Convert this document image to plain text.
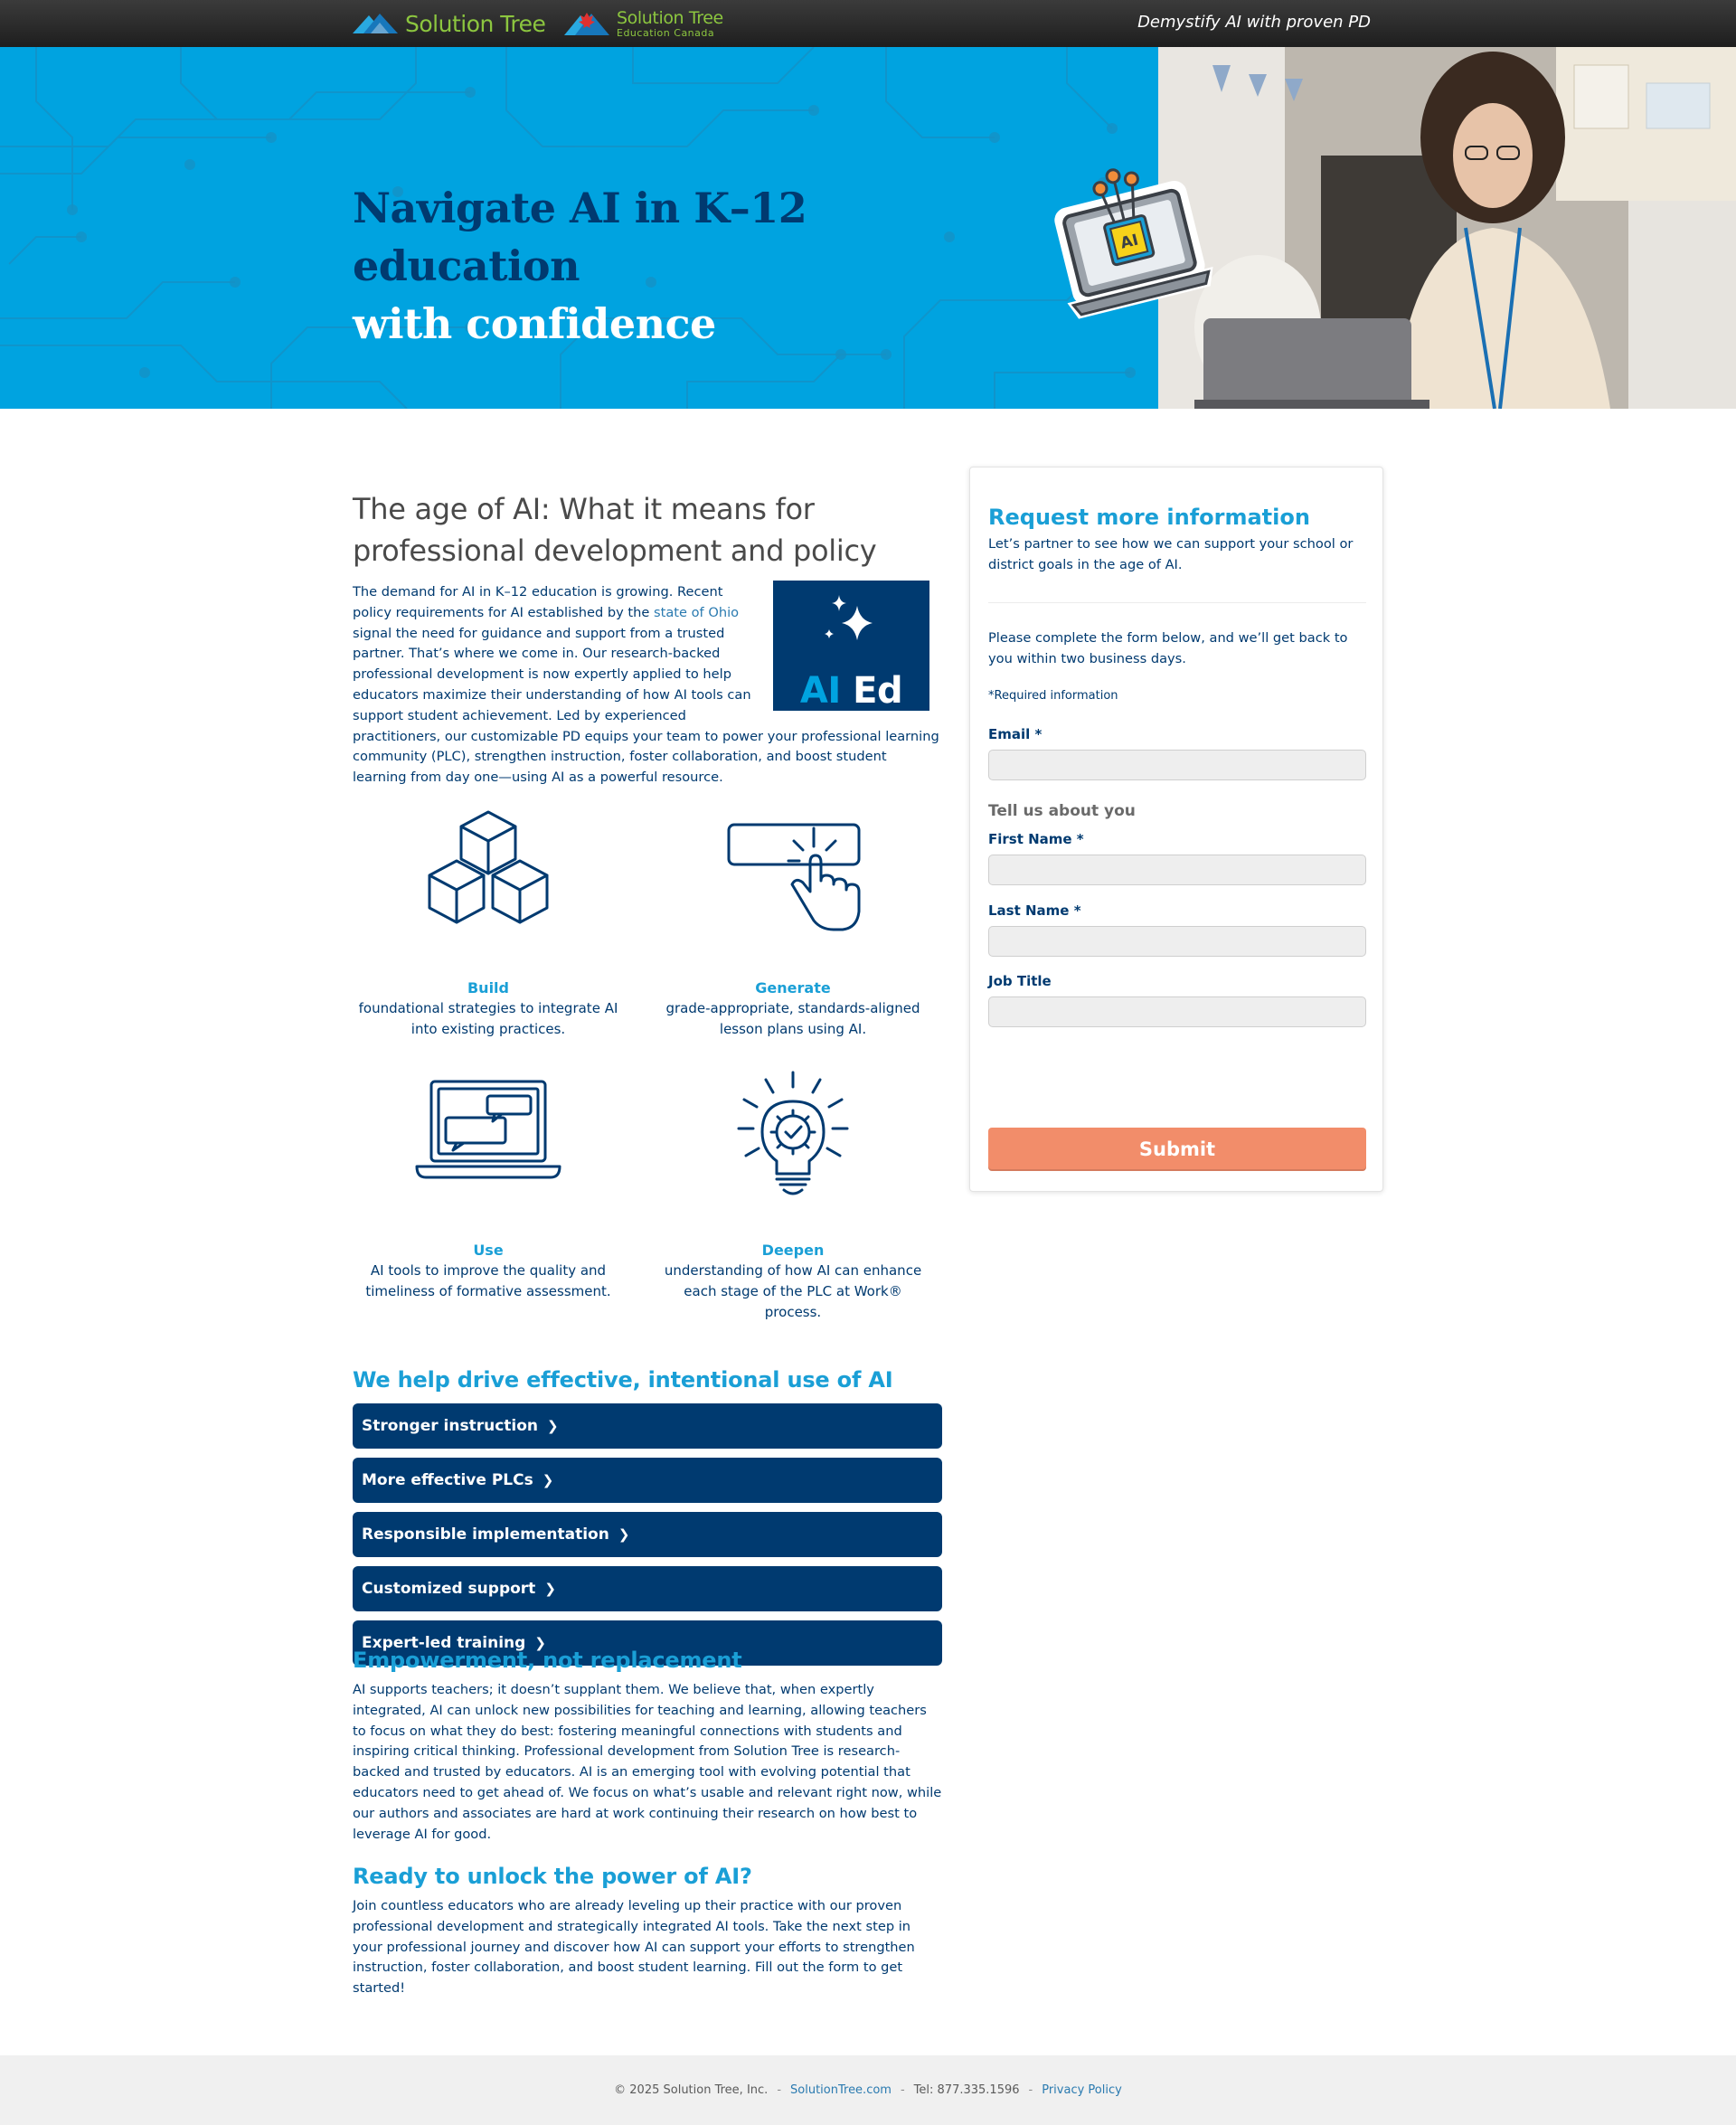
Solution Tree	Solution Tree
Education Canada
Demystify AI with proven PD
Navigate AI in K–12 education
with confidence
AI
The age of AI: What it means for professional development and policy
AI Ed
The demand for AI in K–12 education is growing. Recent policy requirements for AI established by the state of Ohio signal the need for guidance and support from a trusted partner. That’s where we come in. Our research-backed professional development is now expertly applied to help educators maximize their understanding of how AI tools can support student achievement. Led by experienced practitioners, our customizable PD equips your team to power your professional learning community (PLC), strengthen instruction, foster collaboration, and boost student learning from day one—using AI as a powerful resource.
Build
foundational strategies to integrate AI into existing practices.
Generate
grade-appropriate, standards-aligned lesson plans using AI.
Use
AI tools to improve the quality and timeliness of formative assessment.
Deepen
understanding of how AI can enhance each stage of the PLC at Work® process.
We help drive effective, intentional use of AI
Stronger instruction ❯
More effective PLCs ❯
Responsible implementation ❯
Customized support ❯
Expert-led training ❯
Empowerment, not replacement
AI supports teachers; it doesn’t supplant them. We believe that, when expertly integrated, AI can unlock new possibilities for teaching and learning, allowing teachers to focus on what they do best: fostering meaningful connections with students and inspiring critical thinking. Professional development from Solution Tree is research-backed and trusted by educators. AI is an emerging tool with evolving potential that educators need to get ahead of. We focus on what’s usable and relevant right now, while our authors and associates are hard at work continuing their research on how best to leverage AI for good.
Ready to unlock the power of AI?
Join countless educators who are already leveling up their practice with our proven professional development and strategically integrated AI tools. Take the next step in your professional journey and discover how AI can support your efforts to strengthen instruction, foster collaboration, and boost student learning. Fill out the form to get started!
Request more information
Let’s partner to see how we can support your school or district goals in the age of AI.
Please complete the form below, and we’ll get back to you within two business days.
*Required information
Email *
Tell us about you
First Name *
Last Name *
Job Title
Submit
© 2025 Solution Tree, Inc. - SolutionTree.com - Tel: 877.335.1596 - Privacy Policy
